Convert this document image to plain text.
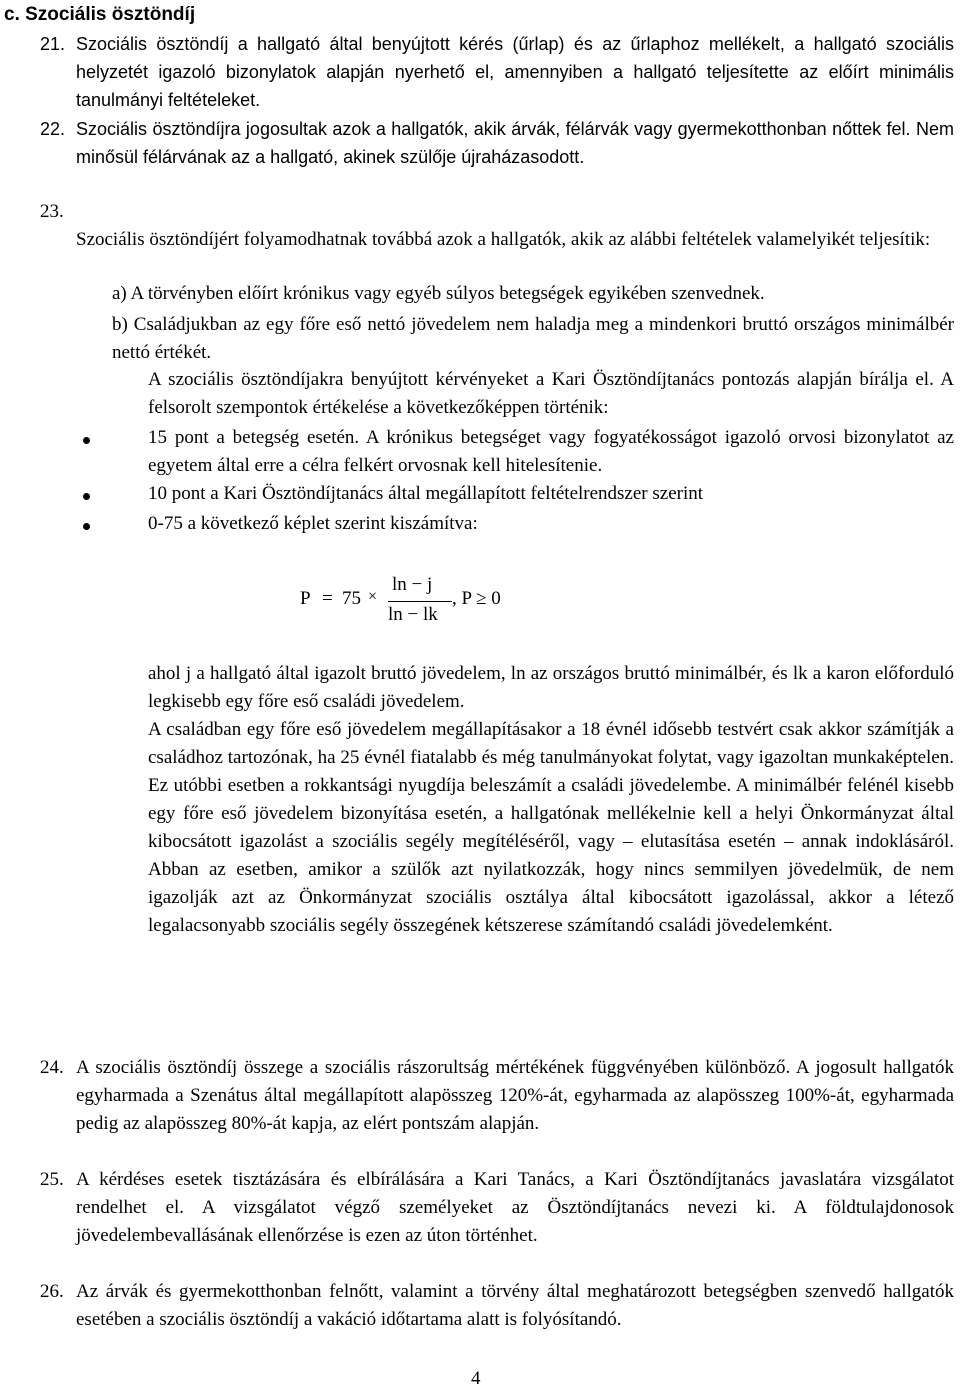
c. Szociális ösztöndíj
21. Szociális ösztöndíj a hallgató által benyújtott kérés (űrlap) és az űrlaphoz mellékelt, a hallgató szociális helyzetét igazoló bizonylatok alapján nyerhető el, amennyiben a hallgató teljesítette az előírt minimális tanulmányi feltételeket.
22. Szociális ösztöndíjra jogosultak azok a hallgatók, akik árvák, félárvák vagy gyermekotthonban nőttek fel. Nem minősül félárvának az a hallgató, akinek szülője újraházasodott.
23.
Szociális ösztöndíjért folyamodhatnak továbbá azok a hallgatók, akik az alábbi feltételek valamelyikét teljesítik:
a) A törvényben előírt krónikus vagy egyéb súlyos betegségek egyikében szenvednek.
b) Családjukban az egy főre eső nettó jövedelem nem haladja meg a mindenkori bruttó országos minimálbér nettó értékét.
A szociális ösztöndíjakra benyújtott kérvényeket a Kari Ösztöndíjtanács pontozás alapján bírálja el. A felsorolt szempontok értékelése a következőképpen történik:
15 pont a betegség esetén. A krónikus betegséget vagy fogyatékosságot igazoló orvosi bizonylatot az egyetem által erre a célra felkért orvosnak kell hitelesítenie.
10 pont a Kari Ösztöndíjtanács által megállapított feltételrendszer szerint
0-75 a következő képlet szerint kiszámítva:
P = 75 ×
ln − j
ln − lk
, P ≥ 0
ahol j a hallgató által igazolt bruttó jövedelem, ln az országos bruttó minimálbér, és lk a karon előforduló legkisebb egy főre eső családi jövedelem.
A családban egy főre eső jövedelem megállapításakor a 18 évnél idősebb testvért csak akkor számítják a családhoz tartozónak, ha 25 évnél fiatalabb és még tanulmányokat folytat, vagy igazoltan munkaképtelen. Ez utóbbi esetben a rokkantsági nyugdíja beleszámít a családi jövedelembe. A minimálbér felénél kisebb egy főre eső jövedelem bizonyítása esetén, a hallgatónak mellékelnie kell a helyi Önkormányzat által kibocsátott igazolást a szociális segély megítéléséről, vagy – elutasítása esetén – annak indoklásáról. Abban az esetben, amikor a szülők azt nyilatkozzák, hogy nincs semmilyen jövedelmük, de nem igazolják azt az Önkormányzat szociális osztálya által kibocsátott igazolással, akkor a létező legalacsonyabb szociális segély összegének kétszerese számítandó családi jövedelemként.
24. A szociális ösztöndíj összege a szociális rászorultság mértékének függvényében különböző. A jogosult hallgatók egyharmada a Szenátus által megállapított alapösszeg 120%-át, egyharmada az alapösszeg 100%-át, egyharmada pedig az alapösszeg 80%-át kapja, az elért pontszám alapján.
25. A kérdéses esetek tisztázására és elbírálására a Kari Tanács, a Kari Ösztöndíjtanács javaslatára vizsgálatot rendelhet el. A vizsgálatot végző személyeket az Ösztöndíjtanács nevezi ki. A földtulajdonosok jövedelembevallásának ellenőrzése is ezen az úton történhet.
26. Az árvák és gyermekotthonban felnőtt, valamint a törvény által meghatározott betegségben szenvedő hallgatók esetében a szociális ösztöndíj a vakáció időtartama alatt is folyósítandó.
4
